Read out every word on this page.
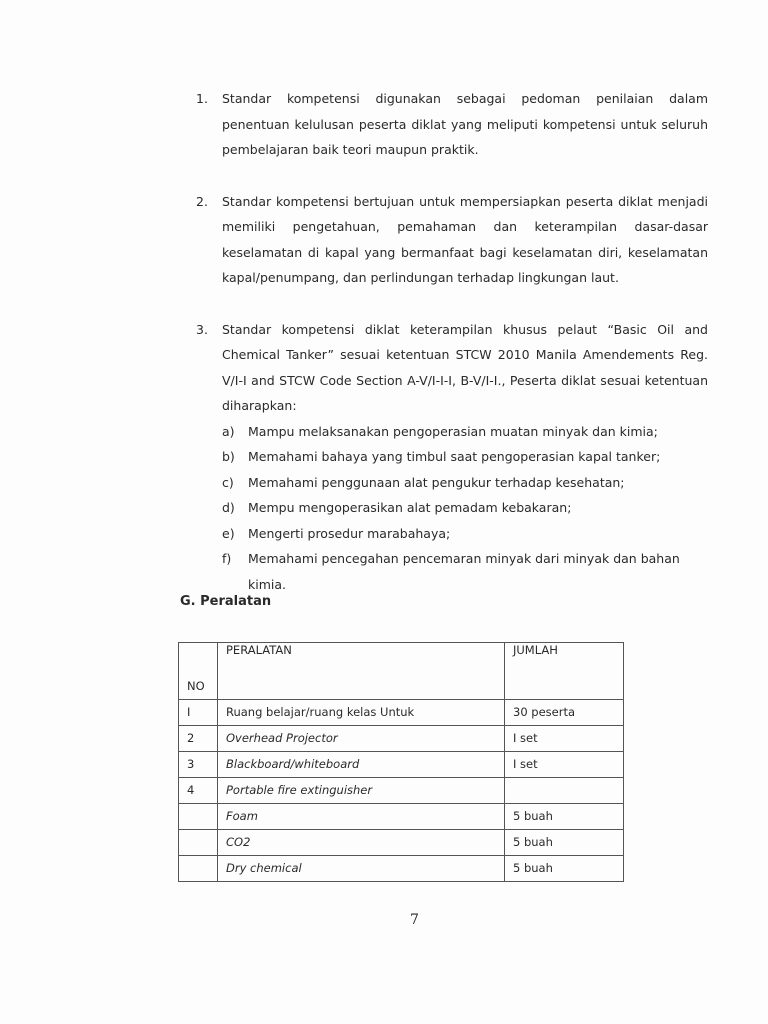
1. Standar kompetensi digunakan sebagai pedoman penilaian dalam penentuan kelulusan peserta diklat yang meliputi kompetensi untuk seluruh pembelajaran baik teori maupun praktik.
2. Standar kompetensi bertujuan untuk mempersiapkan peserta diklat menjadi memiliki pengetahuan, pemahaman dan keterampilan dasar-dasar keselamatan di kapal yang bermanfaat bagi keselamatan diri, keselamatan kapal/penumpang, dan perlindungan terhadap lingkungan laut.
3. Standar kompetensi diklat keterampilan khusus pelaut “Basic Oil and Chemical Tanker” sesuai ketentuan STCW 2010 Manila Amendements Reg. V/I-I and STCW Code Section A-V/I-I-I, B-V/I-I., Peserta diklat sesuai ketentuan diharapkan:
a) Mampu melaksanakan pengoperasian muatan minyak dan kimia;
b) Memahami bahaya yang timbul saat pengoperasian kapal tanker;
c) Memahami penggunaan alat pengukur terhadap kesehatan;
d) Mempu mengoperasikan alat pemadam kebakaran;
e) Mengerti prosedur marabahaya;
f) Memahami pencegahan pencemaran minyak dari minyak dan bahan kimia.
G. Peralatan
NO	PERALATAN	JUMLAH
I	Ruang belajar/ruang kelas Untuk	30 peserta
2	Overhead Projector	I set
3	Blackboard/whiteboard	I set
4	Portable fire extinguisher	
	Foam	5 buah
	CO2	5 buah
	Dry chemical	5 buah
7
